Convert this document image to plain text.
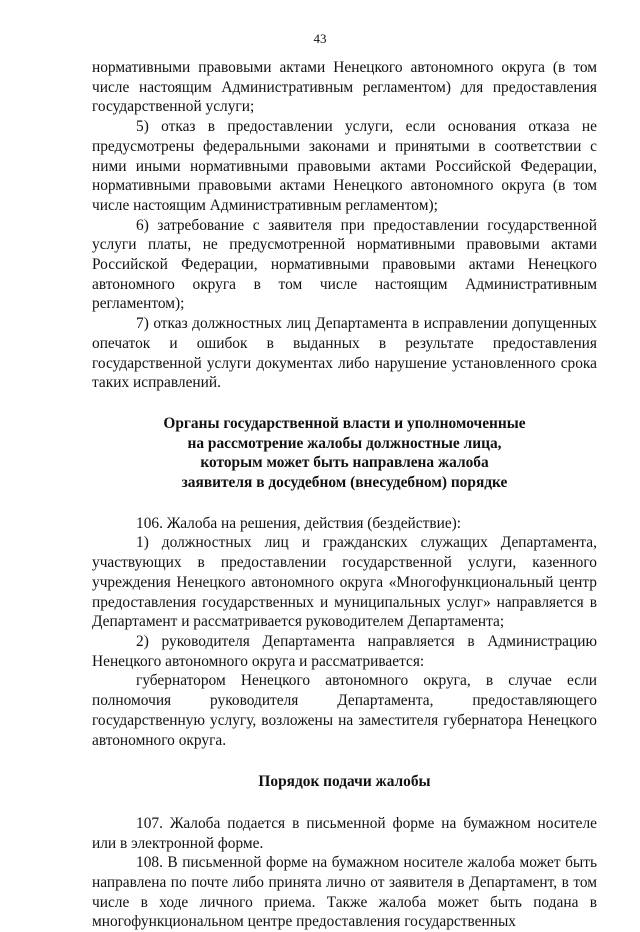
43

нормативными правовыми актами Ненецкого автономного округа (в том числе настоящим Административным регламентом) для предоставления государственной услуги;

5) отказ в предоставлении услуги, если основания отказа не предусмотрены федеральными законами и принятыми в соответствии с ними иными нормативными правовыми актами Российской Федерации, нормативными правовыми актами Ненецкого автономного округа (в том числе настоящим Административным регламентом);

6) затребование с заявителя при предоставлении государственной услуги платы, не предусмотренной нормативными правовыми актами Российской Федерации, нормативными правовыми актами Ненецкого автономного округа в том числе настоящим Административным регламентом);

7) отказ должностных лиц Департамента в исправлении допущенных опечаток и ошибок в выданных в результате предоставления государственной услуги документах либо нарушение установленного срока таких исправлений.

Органы государственной власти и уполномоченные

на рассмотрение жалобы должностные лица,

которым может быть направлена жалоба

заявителя в досудебном (внесудебном) порядке

106. Жалоба на решения, действия (бездействие):

1) должностных лиц и гражданских служащих Департамента, участвующих в предоставлении государственной услуги, казенного учреждения Ненецкого автономного округа «Многофункциональный центр предоставления государственных и муниципальных услуг» направляется в Департамент и рассматривается руководителем Департамента;

2) руководителя Департамента направляется в Администрацию Ненецкого автономного округа и рассматривается:

губернатором Ненецкого автономного округа, в случае если полномочия руководителя Департамента, предоставляющего государственную услугу, возложены на заместителя губернатора Ненецкого автономного округа.

Порядок подачи жалобы

107. Жалоба подается в письменной форме на бумажном носителе или в электронной форме.

108. В письменной форме на бумажном носителе жалоба может быть направлена по почте либо принята лично от заявителя в Департамент, в том числе в ходе личного приема. Также жалоба может быть подана в многофункциональном центре предоставления государственных
